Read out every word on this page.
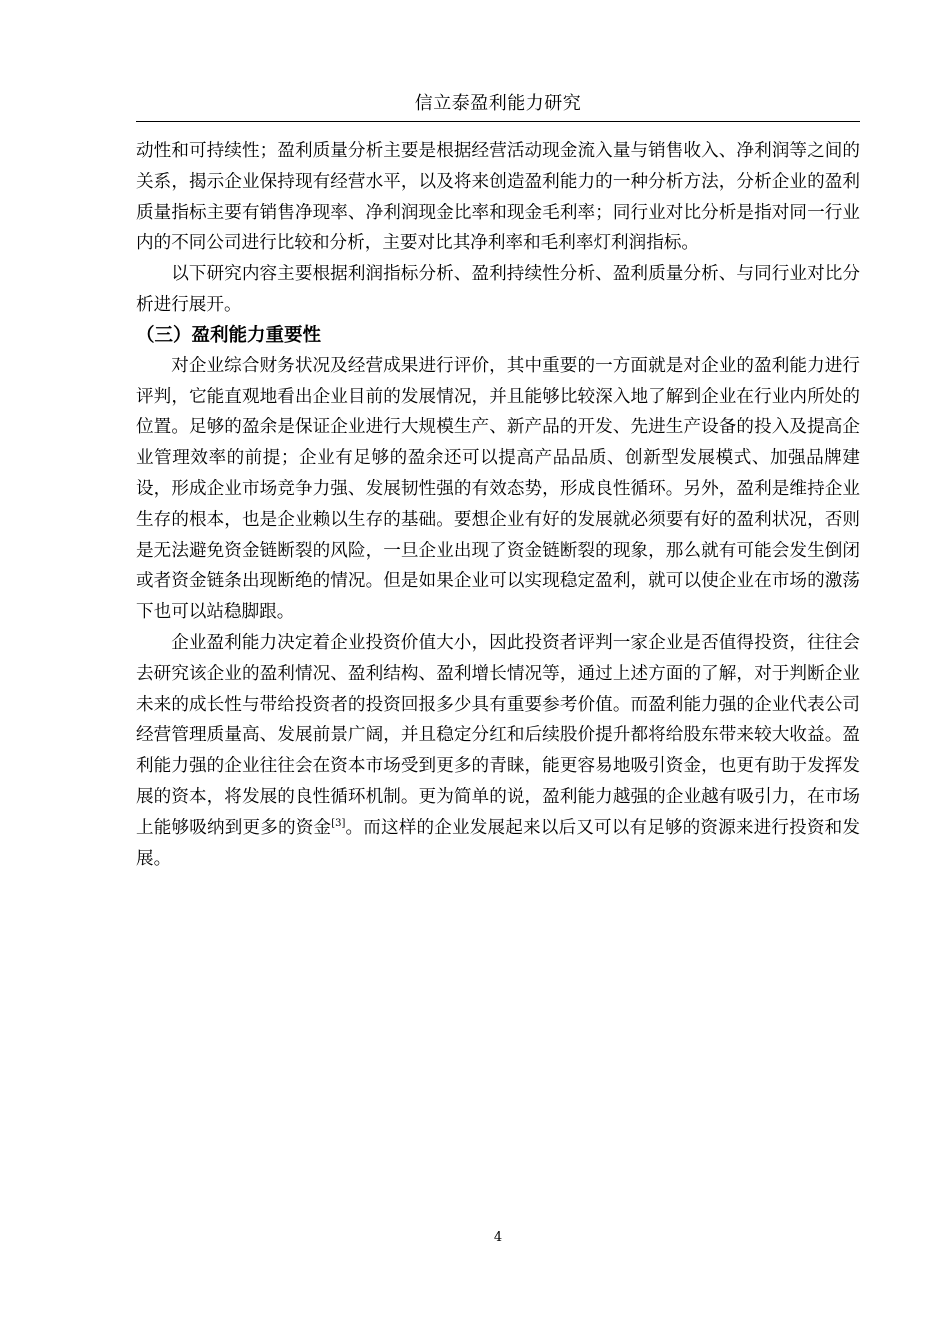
信立泰盈利能力研究

动性和可持续性；盈利质量分析主要是根据经营活动现金流入量与销售收入、净利润等之间的关系，揭示企业保持现有经营水平，以及将来创造盈利能力的一种分析方法，分析企业的盈利质量指标主要有销售净现率、净利润现金比率和现金毛利率；同行业对比分析是指对同一行业内的不同公司进行比较和分析，主要对比其净利率和毛利率灯利润指标。

以下研究内容主要根据利润指标分析、盈利持续性分析、盈利质量分析、与同行业对比分析进行展开。

（三）盈利能力重要性

对企业综合财务状况及经营成果进行评价，其中重要的一方面就是对企业的盈利能力进行评判，它能直观地看出企业目前的发展情况，并且能够比较深入地了解到企业在行业内所处的位置。足够的盈余是保证企业进行大规模生产、新产品的开发、先进生产设备的投入及提高企业管理效率的前提；企业有足够的盈余还可以提高产品品质、创新型发展模式、加强品牌建设，形成企业市场竞争力强、发展韧性强的有效态势，形成良性循环。另外，盈利是维持企业生存的根本，也是企业赖以生存的基础。要想企业有好的发展就必须要有好的盈利状况，否则是无法避免资金链断裂的风险，一旦企业出现了资金链断裂的现象，那么就有可能会发生倒闭或者资金链条出现断绝的情况。但是如果企业可以实现稳定盈利，就可以使企业在市场的激荡下也可以站稳脚跟。

企业盈利能力决定着企业投资价值大小，因此投资者评判一家企业是否值得投资，往往会去研究该企业的盈利情况、盈利结构、盈利增长情况等，通过上述方面的了解，对于判断企业未来的成长性与带给投资者的投资回报多少具有重要参考价值。而盈利能力强的企业代表公司经营管理质量高、发展前景广阔，并且稳定分红和后续股价提升都将给股东带来较大收益。盈利能力强的企业往往会在资本市场受到更多的青睐，能更容易地吸引资金，也更有助于发挥发展的资本，将发展的良性循环机制。更为简单的说，盈利能力越强的企业越有吸引力，在市场上能够吸纳到更多的资金[3]。而这样的企业发展起来以后又可以有足够的资源来进行投资和发展。

4
